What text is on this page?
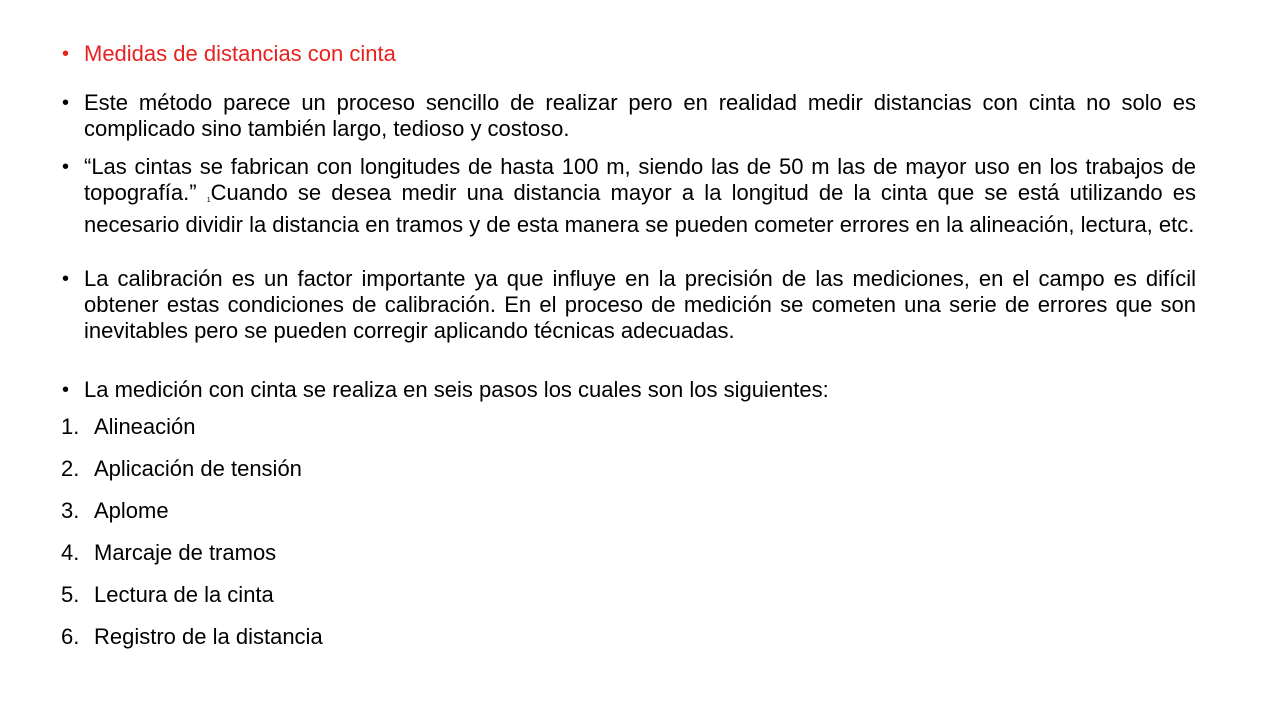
• Medidas de distancias con cinta
• Este método parece un proceso sencillo de realizar pero en realidad medir distancias con cinta no solo es complicado sino también largo, tedioso y costoso.
• “Las cintas se fabrican con longitudes de hasta 100 m, siendo las de 50 m las de mayor uso en los trabajos de topografía.” 1Cuando se desea medir una distancia mayor a la longitud de la cinta que se está utilizando es necesario dividir la distancia en tramos y de esta manera se pueden cometer errores en la alineación, lectura, etc.
• La calibración es un factor importante ya que influye en la precisión de las mediciones, en el campo es difícil obtener estas condiciones de calibración. En el proceso de medición se cometen una serie de errores que son inevitables pero se pueden corregir aplicando técnicas adecuadas.
• La medición con cinta se realiza en seis pasos los cuales son los siguientes:
1. Alineación
2. Aplicación de tensión
3. Aplome
4. Marcaje de tramos
5. Lectura de la cinta
6. Registro de la distancia
